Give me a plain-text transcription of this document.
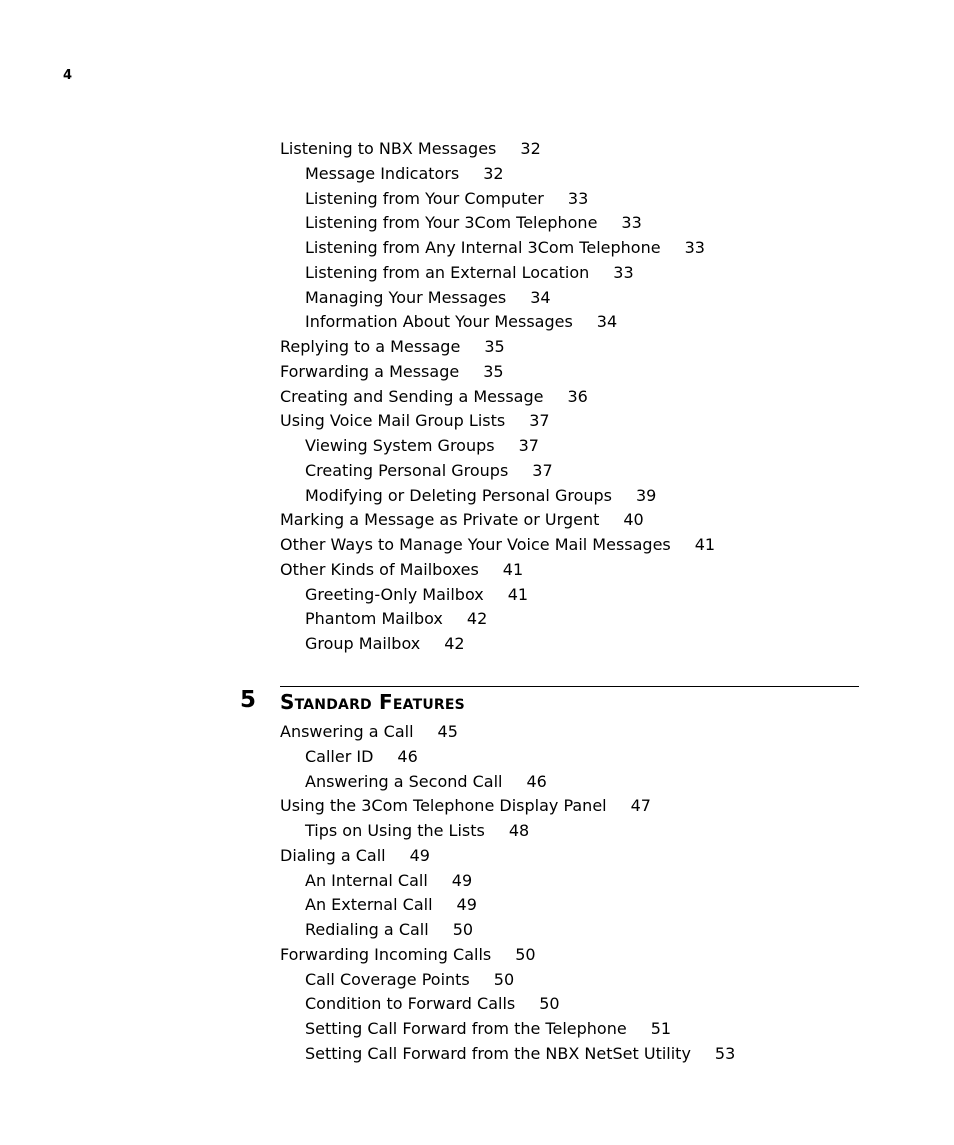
4
Listening to NBX Messages 32
Message Indicators 32
Listening from Your Computer 33
Listening from Your 3Com Telephone 33
Listening from Any Internal 3Com Telephone 33
Listening from an External Location 33
Managing Your Messages 34
Information About Your Messages 34
Replying to a Message 35
Forwarding a Message 35
Creating and Sending a Message 36
Using Voice Mail Group Lists 37
Viewing System Groups 37
Creating Personal Groups 37
Modifying or Deleting Personal Groups 39
Marking a Message as Private or Urgent 40
Other Ways to Manage Your Voice Mail Messages 41
Other Kinds of Mailboxes 41
Greeting-Only Mailbox 41
Phantom Mailbox 42
Group Mailbox 42
5 Standard Features
Answering a Call 45
Caller ID 46
Answering a Second Call 46
Using the 3Com Telephone Display Panel 47
Tips on Using the Lists 48
Dialing a Call 49
An Internal Call 49
An External Call 49
Redialing a Call 50
Forwarding Incoming Calls 50
Call Coverage Points 50
Condition to Forward Calls 50
Setting Call Forward from the Telephone 51
Setting Call Forward from the NBX NetSet Utility 53
